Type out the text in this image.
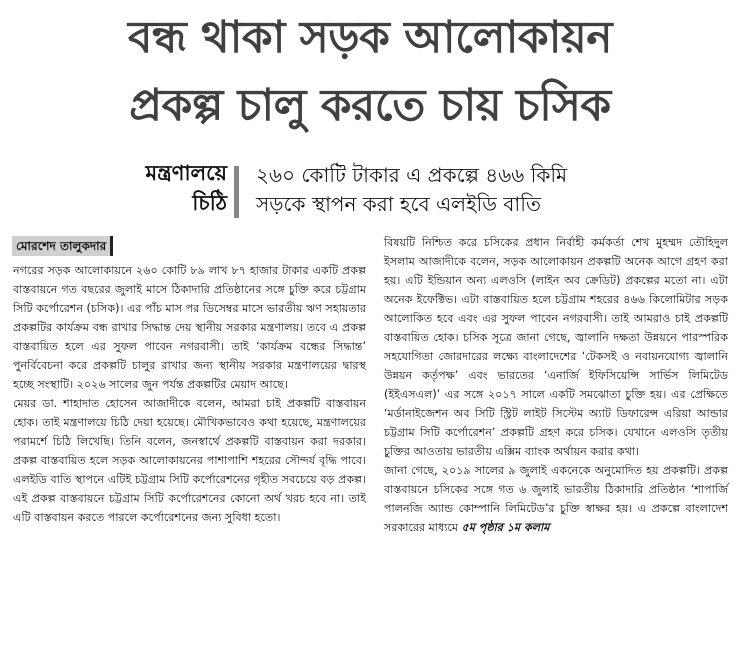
বন্ধ থাকা সড়ক আলোকায়ন
প্রকল্প চালু করতে চায় চসিক
মন্ত্রণালয়ে
চিঠি
২৬০ কোটি টাকার এ প্রকল্পে ৪৬৬ কিমি
সড়কে স্থাপন করা হবে এলইডি বাতি
মোরশেদ তালুকদার

নগরের সড়ক আলোকায়নে ২৬০ কোটি ৮৯ লাখ ৮৭ হাজার টাকার একটি প্রকল্প বাস্তবায়নে গত বছরের জুলাই মাসে ঠিকাদারি প্রতিষ্ঠানের সঙ্গে চুক্তি করে চট্টগ্রাম সিটি কর্পোরেশন (চসিক)। এর পাঁচ মাস পর ডিসেম্বর মাসে ভারতীয় ঋণ সহায়তার প্রকল্পটির কার্যক্রম বন্ধ রাখার সিদ্ধান্ত দেয় স্থানীয় সরকার মন্ত্রণালয়। তবে এ প্রকল্প বাস্তবায়িত হলে এর সুফল পাবেন নগরবাসী। তাই ‘কার্যক্রম বন্ধের সিদ্ধান্ত’ পুনর্বিবেচনা করে প্রকল্পটি চালুর রাখার জন্য স্থানীয় সরকার মন্ত্রণালয়ের দ্বারস্থ হচ্ছে সংস্থাটি। ২০২৬ সালের জুন পর্যন্ত প্রকল্পটির মেয়াদ আছে।

মেয়র ডা. শাহাদাত হোসেন আজাদীকে বলেন, আমরা চাই প্রকল্পটি বাস্তবায়ন হোক। তাই মন্ত্রণালয়ে চিঠি দেয়া হয়েছে। মৌখিকভাবেও কথা হয়েছে, মন্ত্রণালয়ের পরামর্শে চিঠি লিখেছি। তিনি বলেন, জনস্বার্থে প্রকল্পটি বাস্তবায়ন করা দরকার। প্রকল্প বাস্তবায়িত হলে সড়ক আলোকায়নের পাশাপাশি শহরের সৌন্দর্য বৃদ্ধি পাবে। এলইডি বাতি স্থাপনে এটিই চট্টগ্রাম সিটি কর্পোরেশনের গৃহীত সবচেয়ে বড় প্রকল্প। এই প্রকল্প বাস্তবায়নে চট্টগ্রাম সিটি কর্পোরেশনের কোনো অর্থ খরচ হবে না। তাই এটি বাস্তবায়ন করতে পারলে কর্পোরেশনের জন্য সুবিধা হতো।

বিষয়টি নিশ্চিত করে চসিকের প্রধান নির্বাহী কর্মকর্তা শেখ মুহম্মদ তৌহিদুল ইসলাম আজাদীকে বলেন, সড়ক আলোকায়ন প্রকল্পটি অনেক আগে গ্রহণ করা হয়। এটি ইন্ডিয়ান অন্য এলওসি (লাইন অব ক্রেডিট) প্রকল্পের মতো না। এটা অনেক ইফেক্টিভ। এটা বাস্তবায়িত হলে চট্টগ্রাম শহরের ৪৬৬ কিলোমিটার সড়ক আলোকিত হবে এবং এর সুফল পাবেন নগরবাসী। তাই আমরাও চাই প্রকল্পটি বাস্তবায়িত হোক। চসিক সূত্রে জানা গেছে, জ্বালানি দক্ষতা উন্নয়নে পারস্পরিক সহযোগিতা জোরদারের লক্ষ্যে বাংলাদেশের ‘টেকসই ও নবায়নযোগ্য জ্বালানি উন্নয়ন কর্তৃপক্ষ’ এবং ভারতের ‘এনার্জি ইফিসিয়েন্সি সার্ভিস লিমিটেড (ইইএসএল)’ এর সঙ্গে ২০১৭ সালে একটি সমঝোতা চুক্তি হয়। এর প্রেক্ষিতে ‘মর্ডানাইজেশন অব সিটি স্ট্রিট লাইট সিস্টেম অ্যাট ডিফারেন্স এরিয়া আন্ডার চট্টগ্রাম সিটি কর্পোরেশন’ প্রকল্পটি গ্রহণ করে চসিক। যেখানে এলওসি তৃতীয় চুক্তির আওতায় ভারতীয় এক্সিম ব্যাংক অর্থায়ন করার কথা।

জানা গেছে, ২০১৯ সালের ৯ জুলাই একনেকে অনুমোদিত হয় প্রকল্পটি। প্রকল্প বাস্তবায়নে চসিকের সঙ্গে গত ৬ জুলাই ভারতীয় ঠিকাদারি প্রতিষ্ঠান ‘শাপার্জি পালনজি অ্যান্ড কোম্পানি লিমিটেড’র চুক্তি স্বাক্ষর হয়। এ প্রকল্পে বাংলাদেশ সরকারের মাধ্যমে ৫ম পৃষ্ঠার ১ম কলাম
